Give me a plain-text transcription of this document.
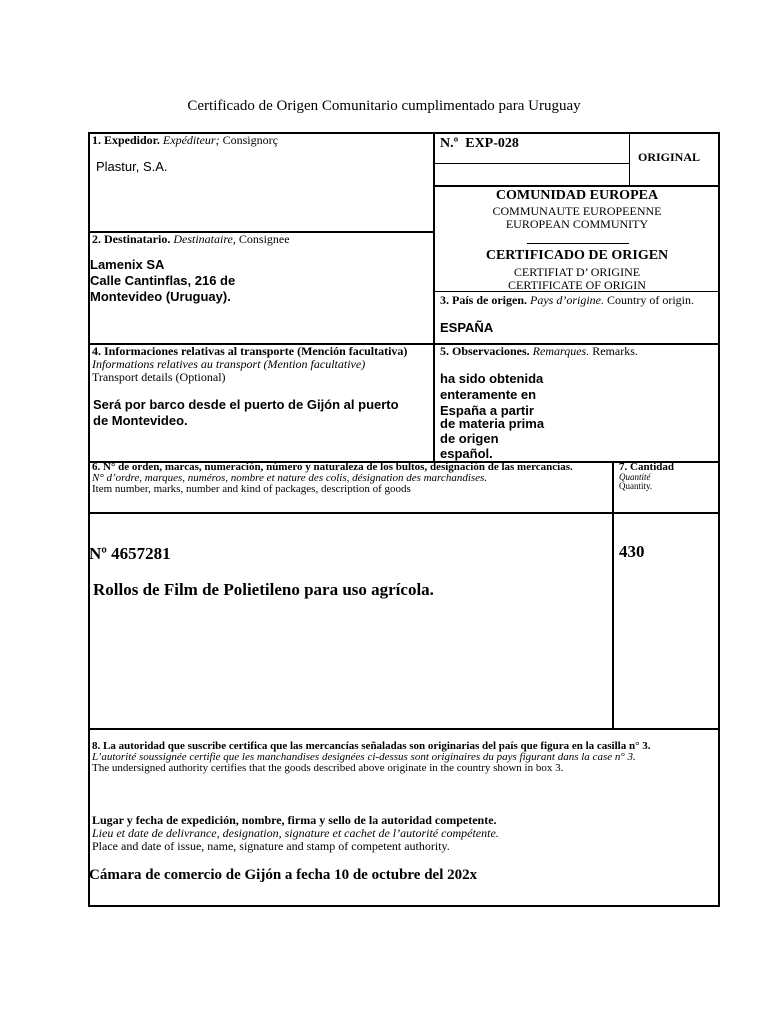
Certificado de Origen Comunitario cumplimentado para Uruguay
1. Expedidor. Expéditeur; Consignorç
Plastur, S.A.
N.º EXP-028
ORIGINAL
COMUNIDAD EUROPEA
COMMUNAUTE EUROPEENNE
EUROPEAN COMMUNITY
CERTIFICADO DE ORIGEN
CERTIFIAT D’ ORIGINE
CERTIFICATE OF ORIGIN
2. Destinatario. Destinataire, Consignee
Lamenix SA
Calle Cantinflas, 216 de
Montevideo (Uruguay).	3. País de origen. Pays d’origine. Country of origin.
ESPAÑA
4. Informaciones relativas al transporte (Mención facultativa)
Informations relatives au transport (Mention facultative)
Transport details (Optional)
Será por barco desde el puerto de Gijón al puerto
de Montevideo.
5. Observaciones. Remarques. Remarks.
ha sido obtenida
enteramente en
España a partir
de materia prima
de origen
español.
6. N° de orden, marcas, numeración, número y naturaleza de los bultos, designación de las mercancías.
N° d’ordre, marques, numéros, nombre et nature des colis, désignation des marchandises.
Item number, marks, number and kind of packages, description of goods
Nº 4657281
Rollos de Film de Polietileno para uso agrícola.
7. Cantidad
Quantité
Quantity.
430
8. La autoridad que suscribe certifica que las mercancías señaladas son originarias del país que figura en la casilla n° 3.
L’autorité soussignée certifie que les manchandises designées ci-dessus sont originaires du pays figurant dans la case n° 3.
The undersigned authority certifies that the goods described above originate in the country shown in box 3.
Lugar y fecha de expedición, nombre, firma y sello de la autoridad competente.
Lieu et date de delivrance, designation, signature et cachet de l’autorité compétente.
Place and date of issue, name, signature and stamp of competent authority.
Cámara de comercio de Gijón a fecha 10 de octubre del 202x
